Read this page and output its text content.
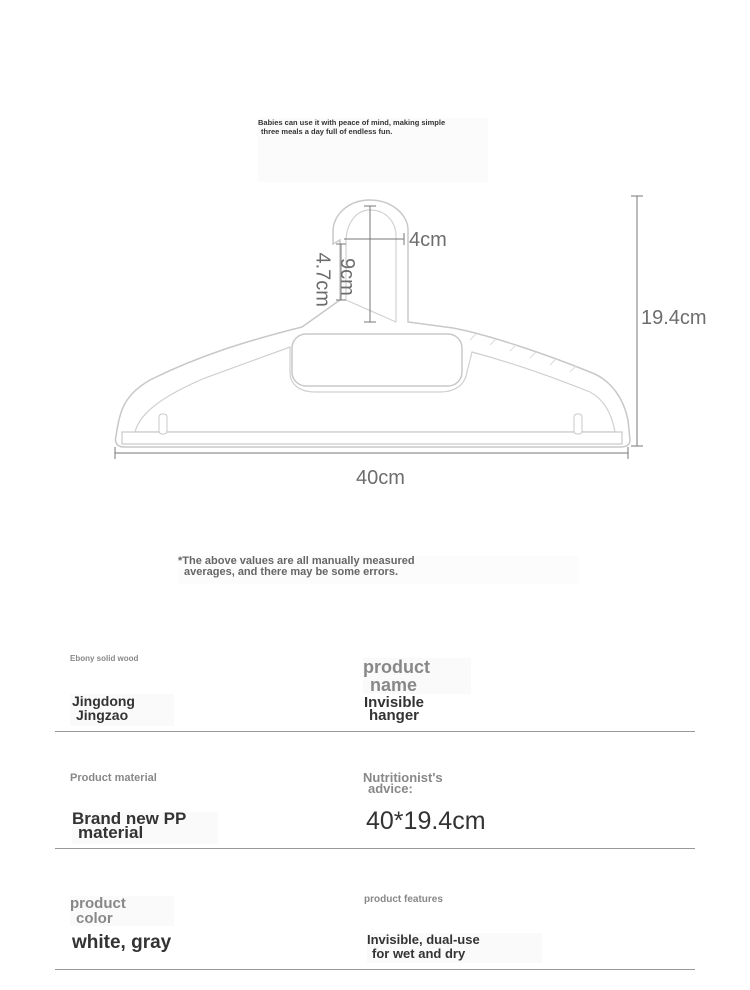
Babies can use it with peace of mind, making simple
three meals a day full of endless fun.
4cm
9cm
4.7cm
19.4cm
40cm
*The above values are all manually measured
averages, and there may be some errors.
Ebony solid wood
Jingdong
Jingzao
product
name
Invisible
hanger
Product material
Brand new PP
material
Nutritionist's
advice:
40*19.4cm
product
color
white, gray
product features
Invisible, dual-use
for wet and dry
